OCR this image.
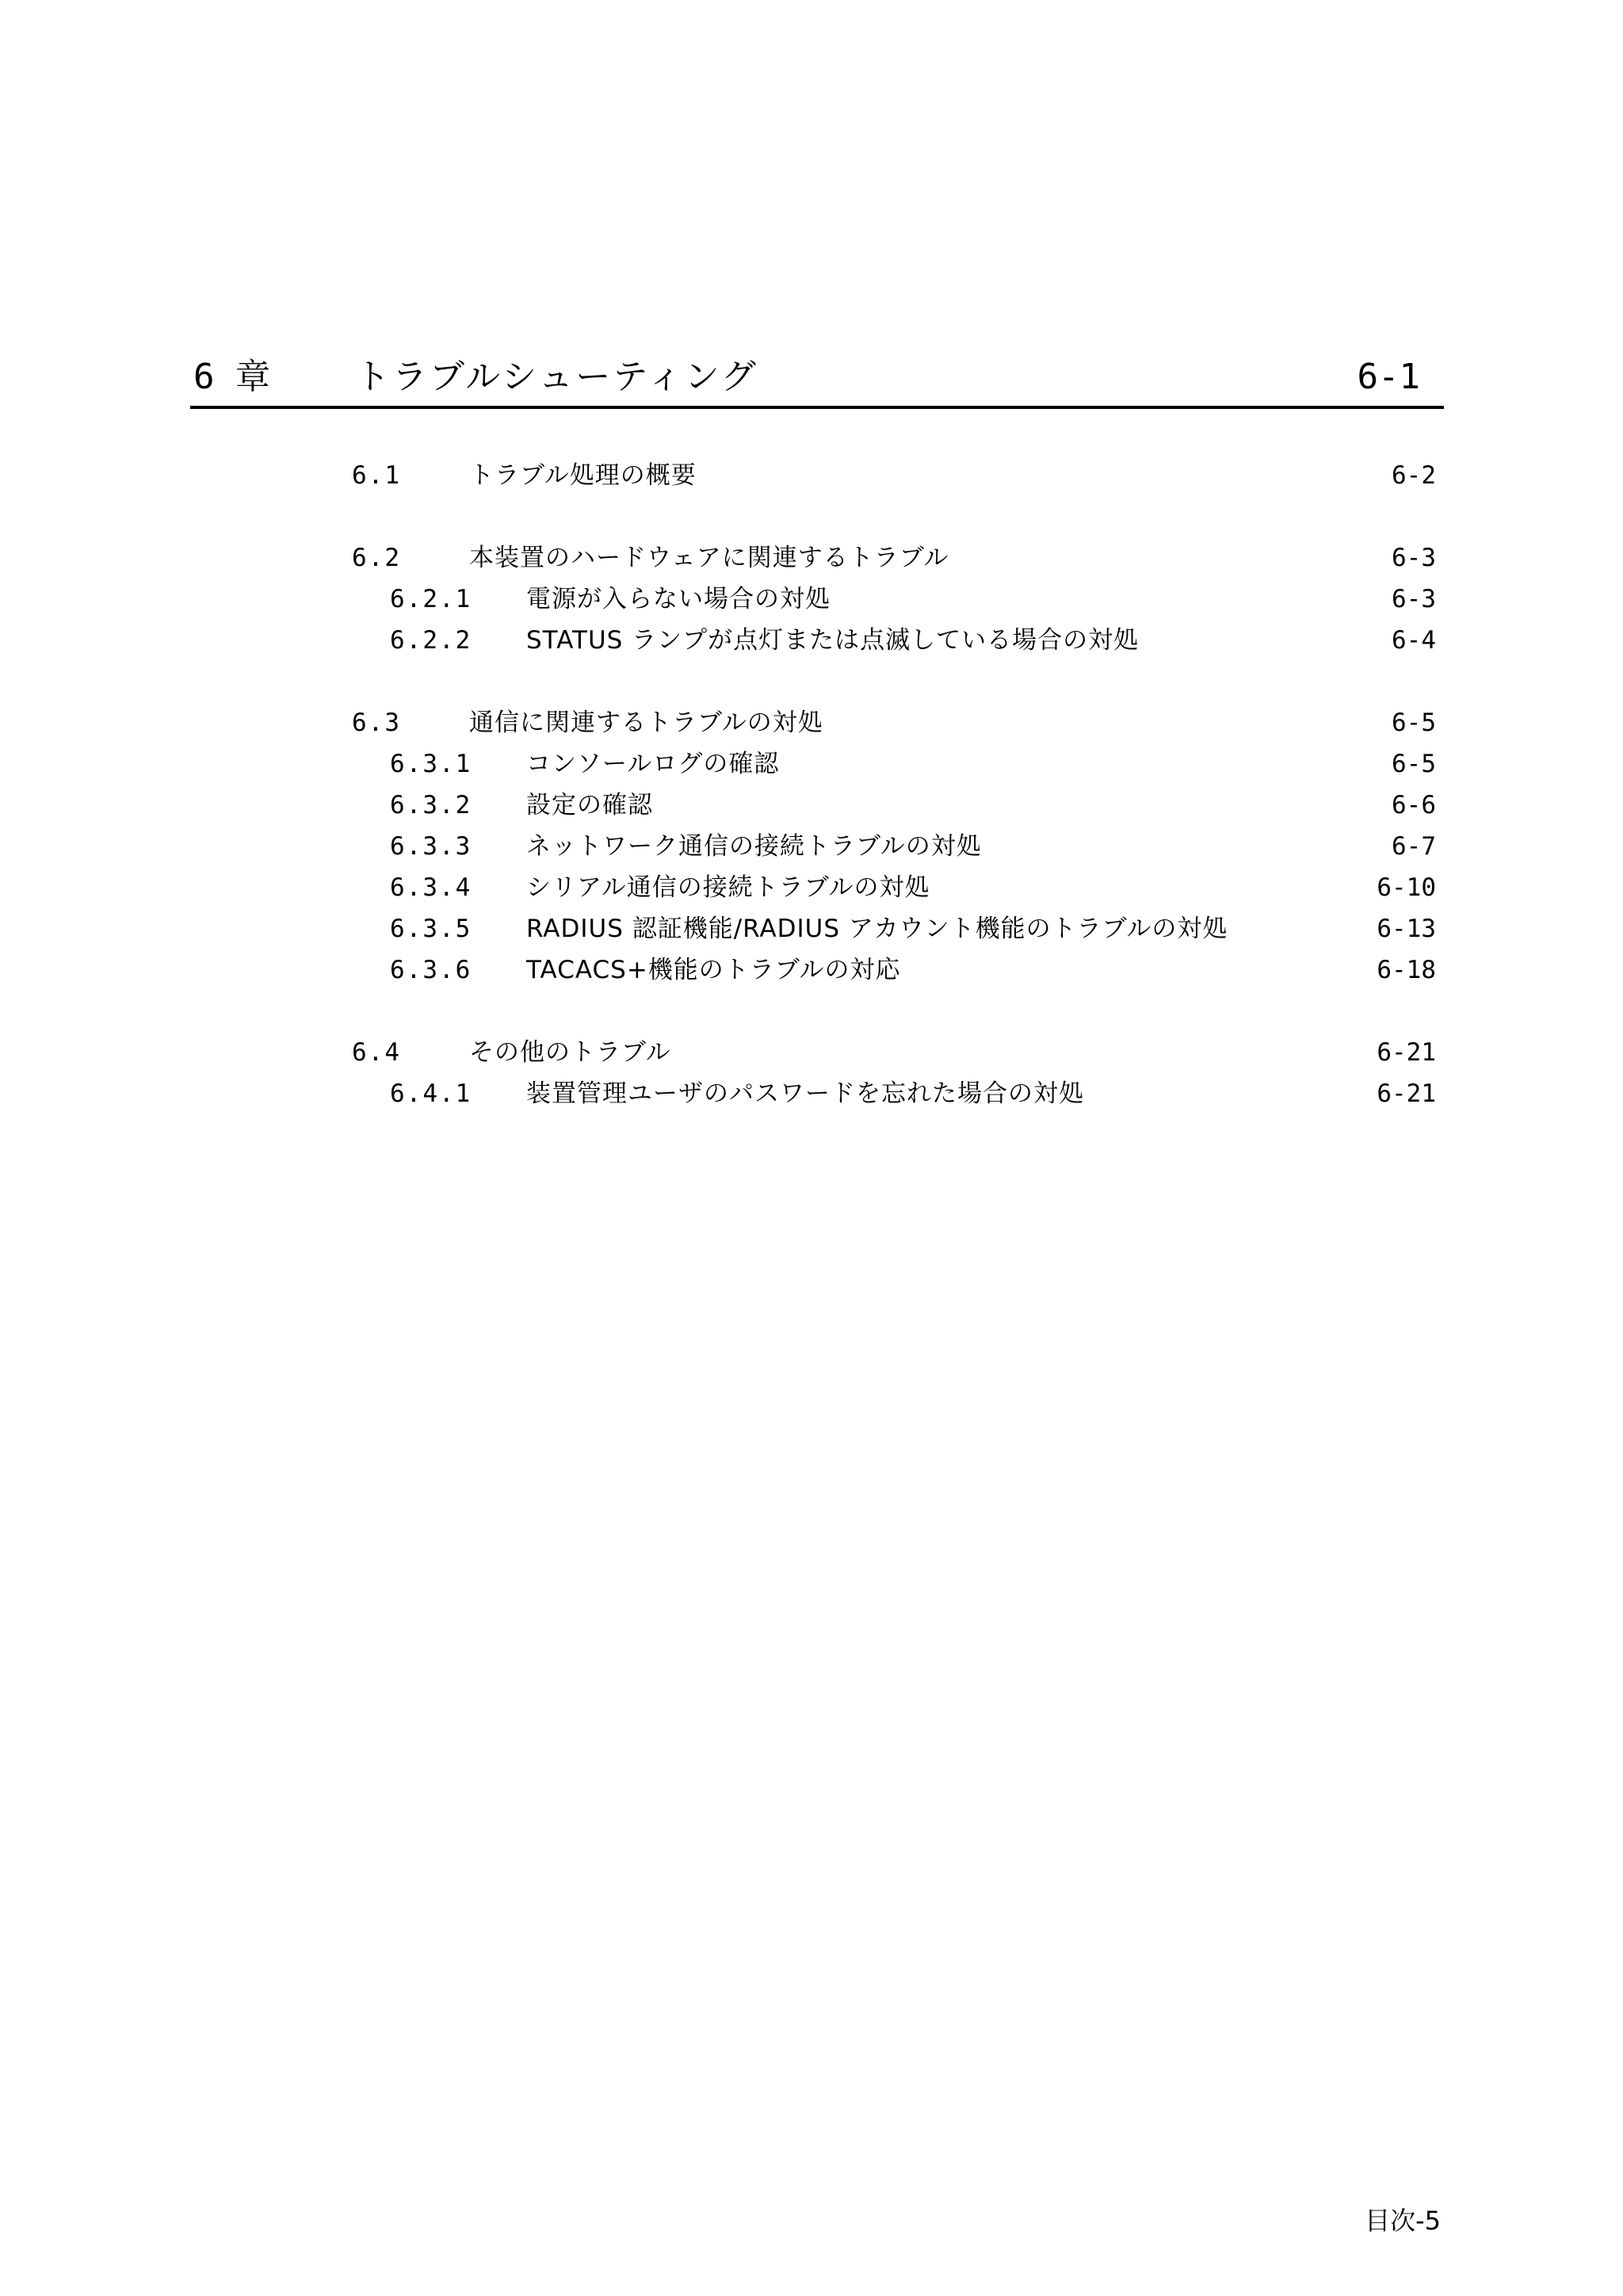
6 章 トラブルシューティング	6-1
6.1	トラブル処理の概要	6-2
6.2	本装置のハードウェアに関連するトラブル	6-3
6.2.1 電源が入らない場合の対処	6-3
6.2.2 STATUS ランプが点灯または点滅している場合の対処	6-4
6.3	通信に関連するトラブルの対処	6-5
6.3.1 コンソールログの確認	6-5
6.3.2 設定の確認	6-6
6.3.3 ネットワーク通信の接続トラブルの対処	6-7
6.3.4 シリアル通信の接続トラブルの対処	6-10
6.3.5 RADIUS 認証機能/RADIUS アカウント機能のトラブルの対処	6-13
6.3.6 TACACS+機能のトラブルの対応	6-18
6.4	その他のトラブル	6-21
6.4.1 装置管理ユーザのパスワードを忘れた場合の対処	6-21
目次-5
